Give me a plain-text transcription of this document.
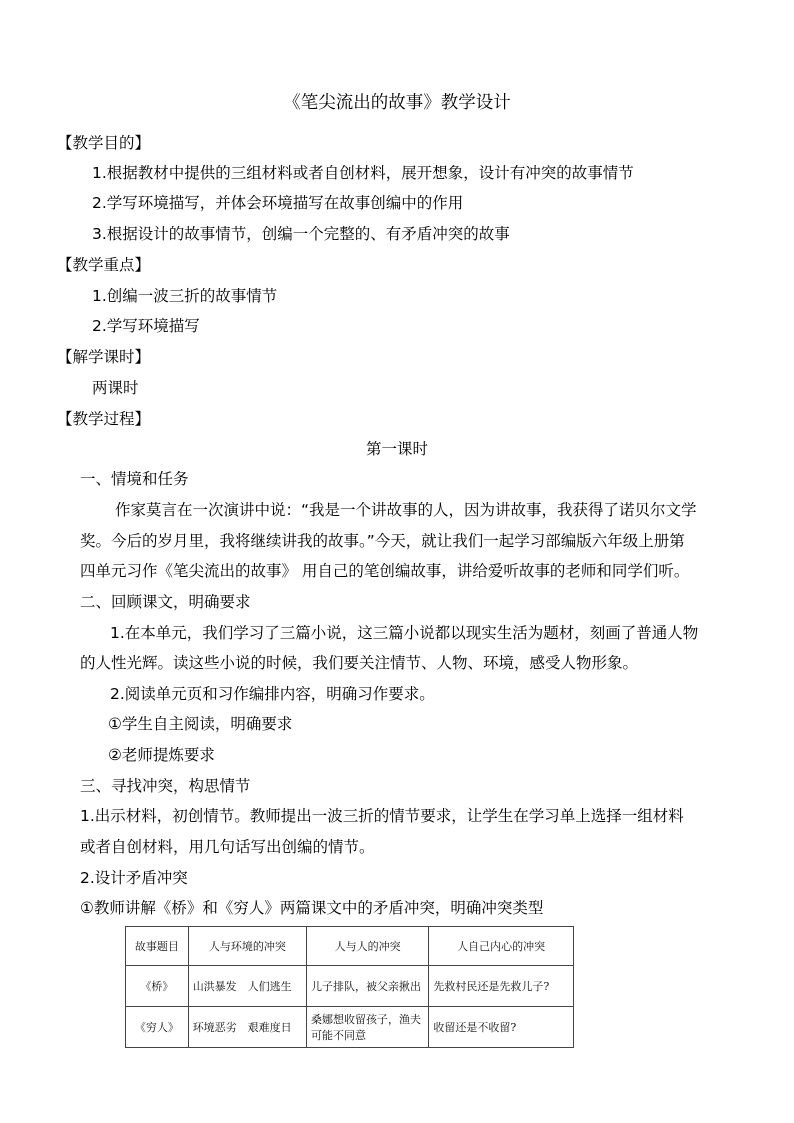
《笔尖流出的故事》教学设计
【教学目的】
1.根据教材中提供的三组材料或者自创材料，展开想象，设计有冲突的故事情节
2.学写环境描写，并体会环境描写在故事创编中的作用
3.根据设计的故事情节，创编一个完整的、有矛盾冲突的故事
【教学重点】
1.创编一波三折的故事情节
2.学写环境描写
【解学课时】
两课时
【教学过程】
第一课时
一、情境和任务
作家莫言在一次演讲中说：“我是一个讲故事的人，因为讲故事，我获得了诺贝尔文学
奖。今后的岁月里，我将继续讲我的故事。”今天，就让我们一起学习部编版六年级上册第
四单元习作《笔尖流出的故事》 用自己的笔创编故事，讲给爱听故事的老师和同学们听。
二、回顾课文，明确要求
1.在本单元，我们学习了三篇小说，这三篇小说都以现实生活为题材，刻画了普通人物
的人性光辉。读这些小说的时候，我们要关注情节、人物、环境，感受人物形象。
2.阅读单元页和习作编排内容，明确习作要求。
①学生自主阅读，明确要求
②老师提炼要求
三、寻找冲突，构思情节
1.出示材料，初创情节。教师提出一波三折的情节要求，让学生在学习单上选择一组材料
或者自创材料，用几句话写出创编的情节。
2.设计矛盾冲突
①教师讲解《桥》和《穷人》两篇课文中的矛盾冲突，明确冲突类型
故事题目	人与环境的冲突	人与人的冲突	人自己内心的冲突
《桥》	山洪暴发　人们逃生	儿子排队，被父亲揪出	先救村民还是先救儿子?
《穷人》	环境恶劣　艰难度日	桑娜想收留孩子，渔夫可能不同意	收留还是不收留?
